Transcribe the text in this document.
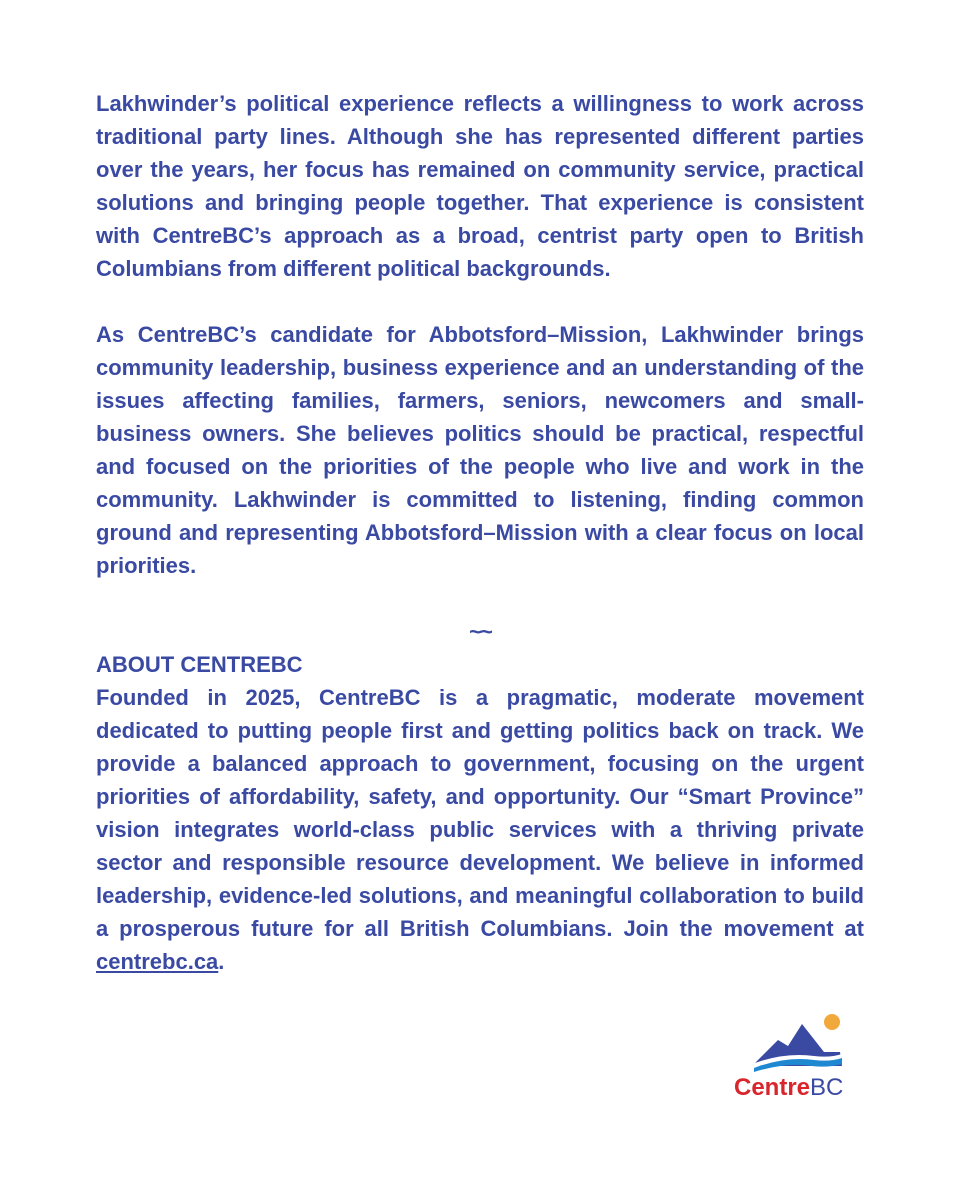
Lakhwinder’s political experience reflects a willingness to work across traditional party lines. Although she has represented different parties over the years, her focus has remained on community service, practical solutions and bringing people together. That experience is consistent with CentreBC’s approach as a broad, centrist party open to British Columbians from different political backgrounds.

As CentreBC’s candidate for Abbotsford–Mission, Lakhwinder brings community leadership, business experience and an understanding of the issues affecting families, farmers, seniors, newcomers and small-business owners. She believes politics should be practical, respectful and focused on the priorities of the people who live and work in the community. Lakhwinder is committed to listening, finding common ground and representing Abbotsford–Mission with a clear focus on local priorities.

~~

ABOUT CENTREBC

Founded in 2025, CentreBC is a pragmatic, moderate movement dedicated to putting people first and getting politics back on track. We provide a balanced approach to government, focusing on the urgent priorities of affordability, safety, and opportunity. Our “Smart Province” vision integrates world-class public services with a thriving private sector and responsible resource development. We believe in informed leadership, evidence-led solutions, and meaningful collaboration to build a prosperous future for all British Columbians. Join the movement at centrebc.ca.

CentreBC
